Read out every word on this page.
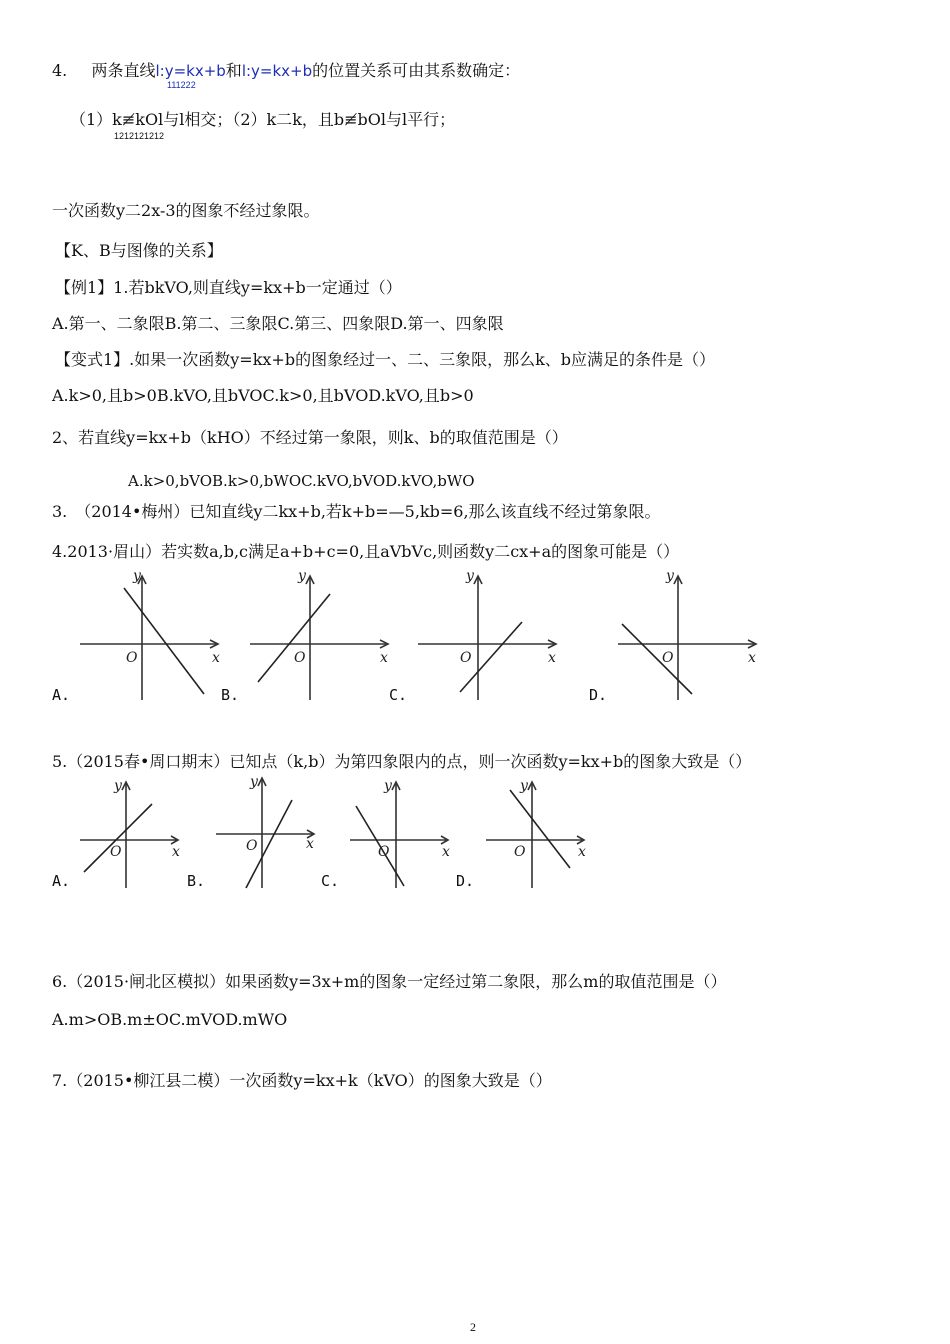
4. 两条直线l:y=kx+b和l:y=kx+b的位置关系可由其系数确定：
111222
（1）k≢kOl与l相交；（2）k二k，且b≢bOl与l平行；
1212121212
一次函数y二2x-3的图象不经过象限。
【K、B与图像的关系】
【例1】1.若bkVO,则直线y=kx+b一定通过（）
A.第一、二象限B.第二、三象限C.第三、四象限D.第一、四象限
【变式1】.如果一次函数y=kx+b的图象经过一、二、三象限，那么k、b应满足的条件是（）
A.k>0,且b>0B.kVO,且bVOC.k>0,且bVOD.kVO,且b>0
2、若直线y=kx+b（kHO）不经过第一象限，则k、b的取值范围是（）
A.k>0,bVOB.k>0,bWOC.kVO,bVOD.kVO,bWO
3.　（2014•梅州）已知直线y二kx+b,若k+b=—5,kb=6,那么该直线不经过第象限。
4.2013·眉山）若实数a,b,c满足a+b+c=0,且aVbVc,则函数y二cx+a的图象可能是（）
y
x
O
A.
y
x
O
B.
y
x
O
C.
y
x
O
D.
5.（2015春•周口期末）已知点（k,b）为第四象限内的点，则一次函数y=kx+b的图象大致是（）
y
x
O
A.
y
x
O
B.
y
x
O
C.
y
x
O
D.
6.（2015·闸北区模拟）如果函数y=3x+m的图象一定经过第二象限，那么m的取值范围是（）
A.m>OB.m±OC.mVOD.mWO
7.（2015•柳江县二模）一次函数y=kx+k（kVO）的图象大致是（）
2
